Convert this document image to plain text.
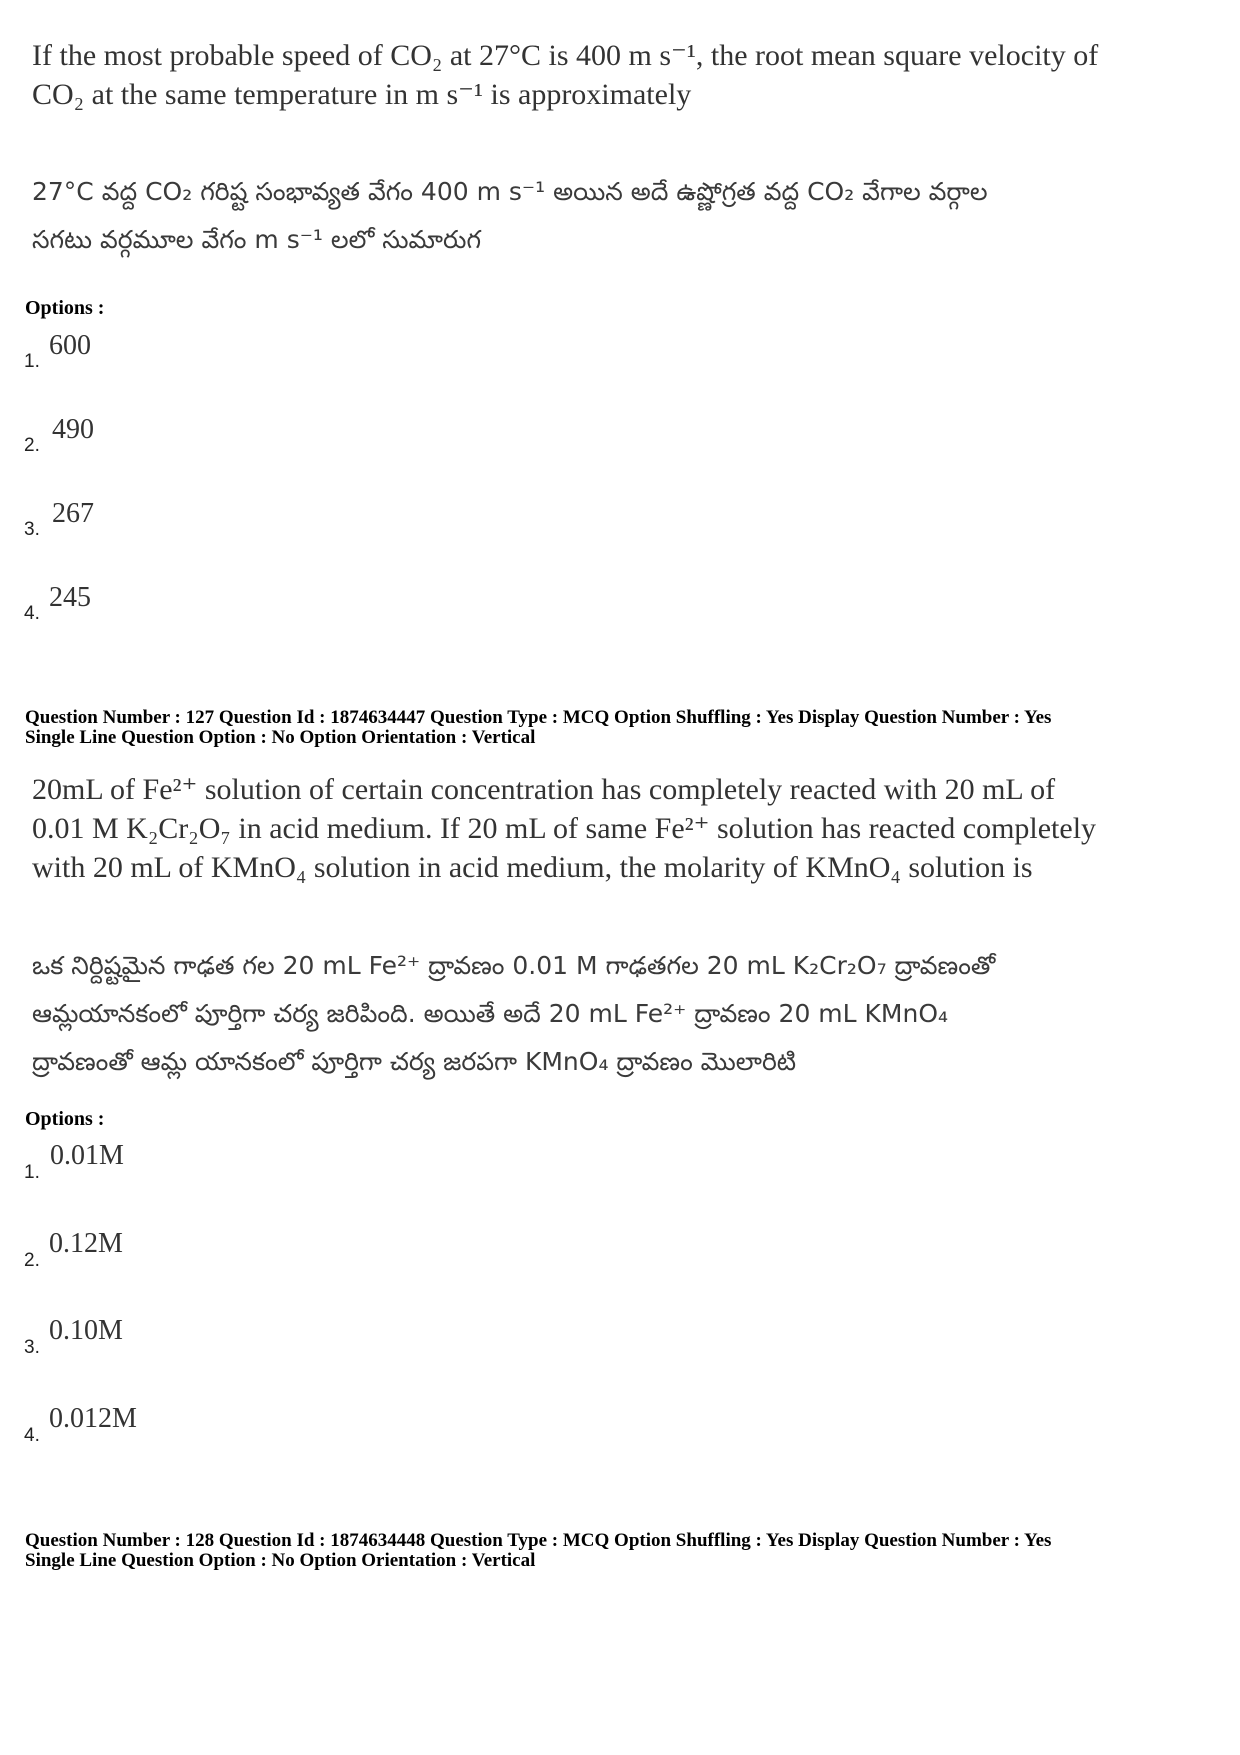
If the most probable speed of CO₂ at 27°C is 400 m s⁻¹, the root mean square velocity of
CO₂ at the same temperature in m s⁻¹ is approximately
27°C వద్ద CO₂ గరిష్ట సంభావ్యత వేగం 400 m s⁻¹ అయిన అదే ఉష్ణోగ్రత వద్ద CO₂ వేగాల వర్గాల
సగటు వర్గమూల వేగం m s⁻¹ లలో సుమారుగ
Options :
1.
600
2.
490
3.
267
4.
245
Question Number : 127 Question Id : 1874634447 Question Type : MCQ Option Shuffling : Yes Display Question Number : Yes
Single Line Question Option : No Option Orientation : Vertical
20mL of Fe²⁺ solution of certain concentration has completely reacted with 20 mL of
0.01 M K₂Cr₂O₇ in acid medium. If 20 mL of same Fe²⁺ solution has reacted completely
with 20 mL of KMnO₄ solution in acid medium, the molarity of KMnO₄ solution is
ఒక నిర్దిష్టమైన గాఢత గల 20 mL Fe²⁺ ద్రావణం 0.01 M గాఢతగల 20 mL K₂Cr₂O₇ ద్రావణంతో
ఆమ్లయానకంలో పూర్తిగా చర్య జరిపింది. అయితే అదే 20 mL Fe²⁺ ద్రావణం 20 mL KMnO₄
ద్రావణంతో ఆమ్ల యానకంలో పూర్తిగా చర్య జరపగా KMnO₄ ద్రావణం మొలారిటి
Options :
1.
0.01M
2.
0.12M
3.
0.10M
4.
0.012M
Question Number : 128 Question Id : 1874634448 Question Type : MCQ Option Shuffling : Yes Display Question Number : Yes
Single Line Question Option : No Option Orientation : Vertical
